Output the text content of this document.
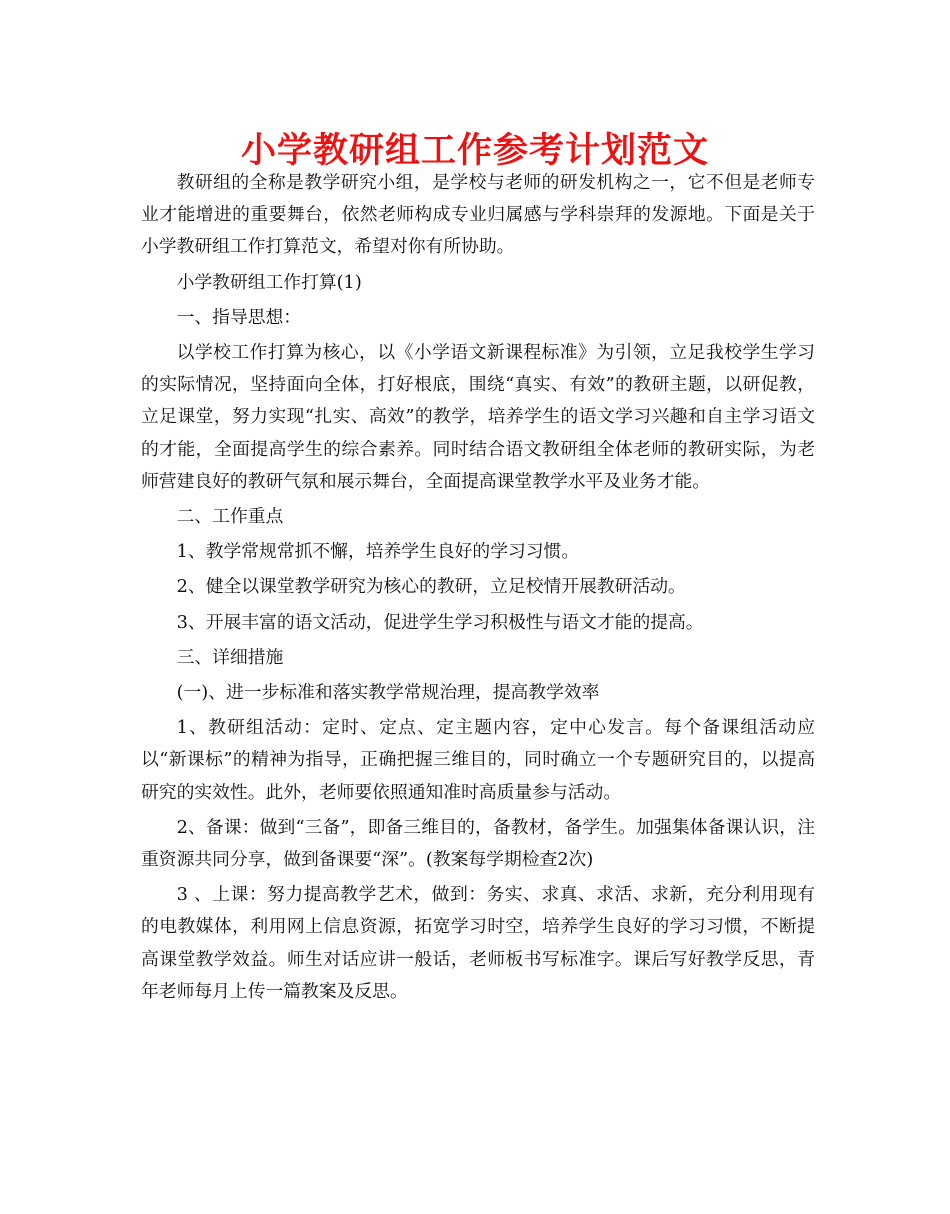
小学教研组工作参考计划范文

教研组的全称是教学研究小组，是学校与老师的研发机构之一，它不但是老师专业才能增进的重要舞台，依然老师构成专业归属感与学科崇拜的发源地。下面是关于小学教研组工作打算范文，希望对你有所协助。

小学教研组工作打算(1)

一、指导思想：

以学校工作打算为核心，以《小学语文新课程标准》为引领，立足我校学生学习的实际情况，坚持面向全体，打好根底，围绕“真实、有效”的教研主题，以研促教，立足课堂，努力实现“扎实、高效”的教学，培养学生的语文学习兴趣和自主学习语文的才能，全面提高学生的综合素养。同时结合语文教研组全体老师的教研实际，为老师营建良好的教研气氛和展示舞台，全面提高课堂教学水平及业务才能。

二、工作重点

1、教学常规常抓不懈，培养学生良好的学习习惯。

2、健全以课堂教学研究为核心的教研，立足校情开展教研活动。

3、开展丰富的语文活动，促进学生学习积极性与语文才能的提高。

三、详细措施

(一)、进一步标准和落实教学常规治理，提高教学效率

1、教研组活动：定时、定点、定主题内容，定中心发言。每个备课组活动应以“新课标”的精神为指导，正确把握三维目的，同时确立一个专题研究目的，以提高研究的实效性。此外，老师要依照通知准时高质量参与活动。

2、备课：做到“三备”，即备三维目的，备教材，备学生。加强集体备课认识，注重资源共同分享，做到备课要“深”。(教案每学期检查2次)

3 、上课：努力提高教学艺术，做到：务实、求真、求活、求新，充分利用现有的电教媒体，利用网上信息资源，拓宽学习时空，培养学生良好的学习习惯，不断提高课堂教学效益。师生对话应讲一般话，老师板书写标准字。课后写好教学反思，青年老师每月上传一篇教案及反思。
